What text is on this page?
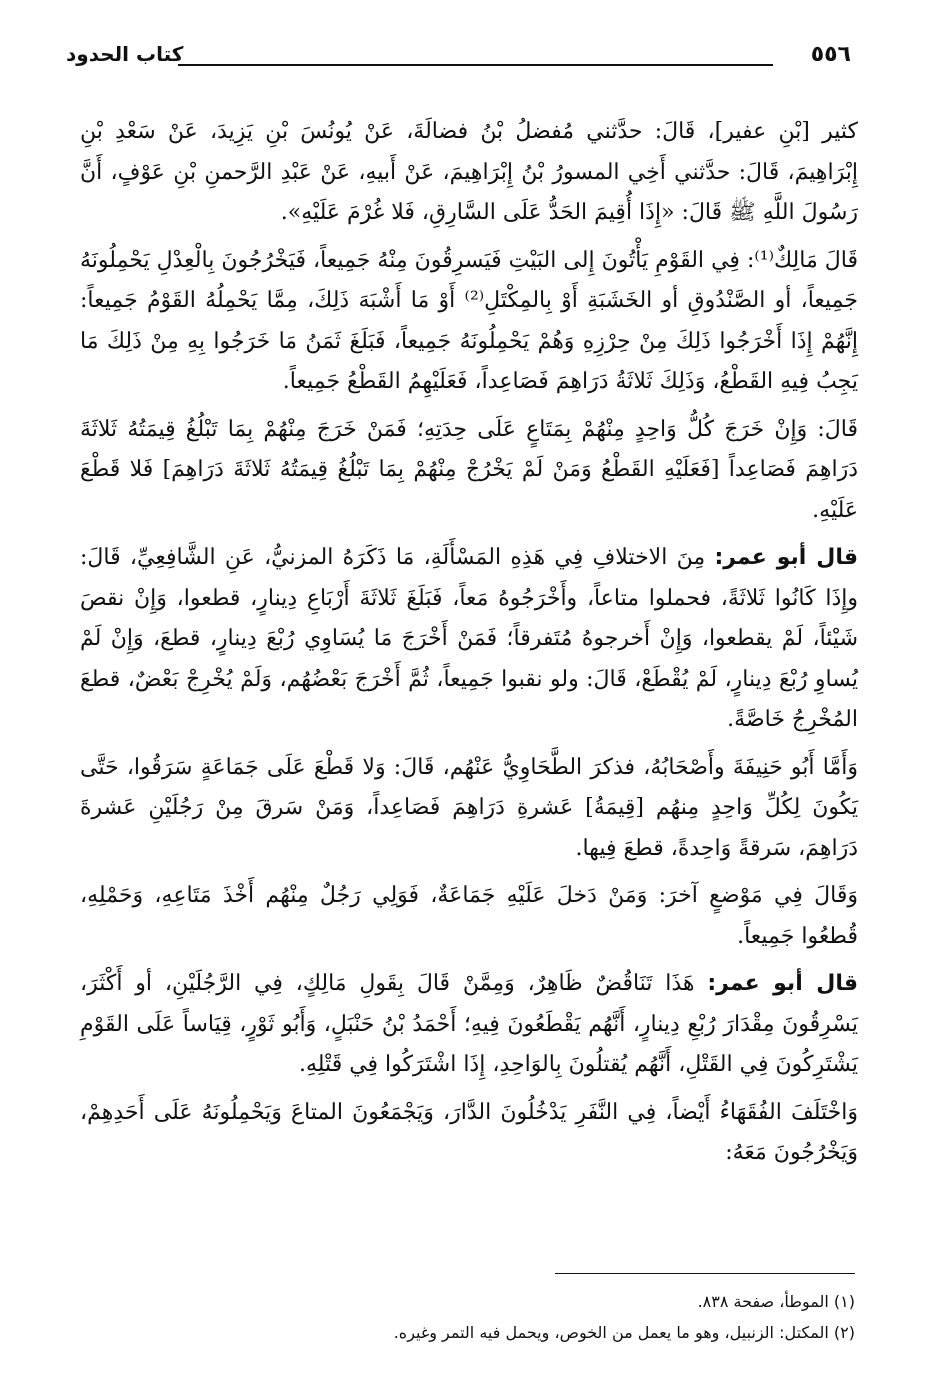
٥٥٦
كتاب الحدود

كثير [بْنِ عفير]، قَالَ: حدَّثني مُفضلُ بْنُ فضالَةَ، عَنْ يُونُسَ بْنِ يَزِيدَ، عَنْ سَعْدِ بْنِ إِبْرَاهِيمَ، قَالَ: حدَّثني أَخِي المسورُ بْنُ إِبْرَاهِيمَ، عَنْ أَبيهِ، عَنْ عَبْدِ الرَّحمنِ بْنِ عَوْفٍ، أَنَّ رَسُولَ اللَّهِ ﷺ قَالَ: «إِذَا أُقِيمَ الحَدُّ عَلَى السَّارِقِ، فَلا غُرْمَ عَلَيْهِ».

قَالَ مَالِكٌ⁽¹⁾: فِي القَوْمِ يَأْتُونَ إِلى البَيْتِ فَيَسرِقُونَ مِنْهُ جَمِيعاً، فَيَخْرُجُونَ بِالْعِدْلِ يَحْمِلُونَهُ جَمِيعاً، أو الصَّنْدُوقِ أو الخَشَبَةِ أَوْ بِالمِكْتَلِ⁽²⁾ أَوْ مَا أَشْبَهَ ذَلِكَ، مِمَّا يَحْمِلُهُ القَوْمُ جَمِيعاً: إِنَّهُمْ إِذَا أَخْرَجُوا ذَلِكَ مِنْ حِرْزِهِ وَهُمْ يَحْمِلُونَهُ جَمِيعاً، فَبَلَغَ ثَمَنُ مَا خَرَجُوا بِهِ مِنْ ذَلِكَ مَا يَجِبُ فِيهِ القَطْعُ، وَذَلِكَ ثَلاثَةُ دَرَاهِمَ فَصَاعِداً، فَعَلَيْهِمُ القَطْعُ جَمِيعاً.

قَالَ: وَإِنْ خَرَجَ كُلُّ وَاحِدٍ مِنْهُمْ بِمَتَاعٍ عَلَى حِدَتِهِ؛ فَمَنْ خَرَجَ مِنْهُمْ بِمَا تَبْلُغُ قِيمَتُهُ ثَلاثَةَ دَرَاهِمَ فَصَاعِداً [فَعَلَيْهِ القَطْعُ وَمَنْ لَمْ يَخْرُجْ مِنْهُمْ بِمَا تَبْلُغُ قِيمَتُهُ ثَلاثَةَ دَرَاهِمَ] فَلا قَطْعَ عَلَيْهِ.

قال أبو عمر: مِنَ الاختلافِ فِي هَذِهِ المَسْأَلَةِ، مَا ذَكَرَهُ المزنيُّ، عَنِ الشَّافِعِيِّ، قَالَ: وإِذَا كَانُوا ثَلاثَةً، فحملوا متاعاً، وأَخْرَجُوهُ مَعاً، فَبَلَغَ ثَلاثَةَ أَرْبَاعِ دِينارٍ، قطعوا، وَإِنْ نقصَ شَيْئاً، لَمْ يقطعوا، وَإِنْ أَخرجوهُ مُتَفرقاً؛ فَمَنْ أَخْرَجَ مَا يُسَاوِي رُبْعَ دِينارٍ، قطعَ، وَإِنْ لَمْ يُساوِ رُبْعَ دِينارٍ، لَمْ يُقْطَعْ، قَالَ: ولو نقبوا جَمِيعاً، ثُمَّ أَخْرَجَ بَعْضُهُم، وَلَمْ يُخْرِجْ بَعْضٌ، قطعَ المُخْرِجُ خَاصَّةً.

وَأَمَّا أَبُو حَنِيفَةَ وأَصْحَابُهُ، فذكرَ الطَّحَاوِيُّ عَنْهُم، قَالَ: وَلا قَطْعَ عَلَى جَمَاعَةٍ سَرَقُوا، حَتَّى يَكُونَ لِكُلِّ وَاحِدٍ مِنهُم [قِيمَةُ] عَشرةِ دَرَاهِمَ فَصَاعِداً، وَمَنْ سَرقَ مِنْ رَجُلَيْنِ عَشرةَ دَرَاهِمَ، سَرقةً وَاحِدةً، قطعَ فِيها.

وَقَالَ فِي مَوْضعٍ آخرَ: وَمَنْ دَخلَ عَلَيْهِ جَمَاعَةٌ، فَوَلِي رَجُلٌ مِنْهُم أَخْذَ مَتَاعِهِ، وَحَمْلِهِ، قُطعُوا جَمِيعاً.

قال أبو عمر: هَذَا تَنَاقُضٌ ظَاهِرٌ، وَمِمَّنْ قَالَ بِقَولِ مَالِكٍ، فِي الرَّجُلَيْنِ، أو أَكْثَرَ، يَسْرِقُونَ مِقْدَارَ رُبْعِ دِينارٍ، أَنَّهُم يَقْطَعُونَ فِيهِ؛ أَحْمَدُ بْنُ حَنْبَلٍ، وَأَبُو ثَوْرٍ، قِيَاساً عَلَى القَوْمِ يَشْتَرِكُونَ فِي القَتْلِ، أَنَّهُم يُقتلُونَ بِالوَاحِدِ، إِذَا اشْتَرَكُوا فِي قَتْلِهِ.

وَاخْتَلَفَ الفُقَهَاءُ أَيْضاً، فِي النَّفَرِ يَدْخُلُونَ الدَّارَ، وَيَجْمَعُونَ المتاعَ وَيَحْمِلُونَهُ عَلَى أَحَدِهِمْ، وَيَخْرُجُونَ مَعَهُ:

(١) الموطأ، صفحة ٨٣٨.

(٢) المكتل: الزنبيل، وهو ما يعمل من الخوص، ويحمل فيه التمر وغيره.
